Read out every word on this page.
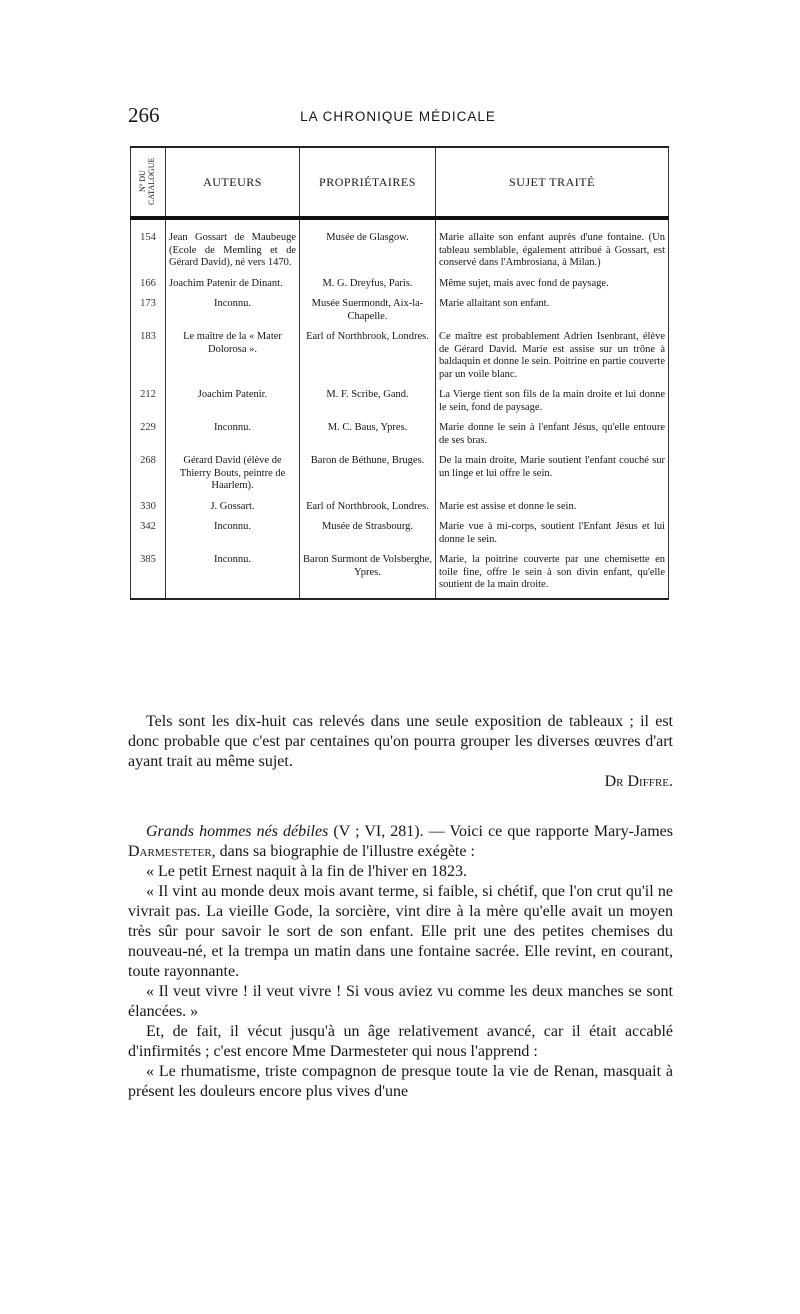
266	LA CHRONIQUE MÉDICALE
Nº DU CATALOGUE	AUTEURS	PROPRIÉTAIRES	SUJET TRAITÉ
154	Jean Gossart de Maubeuge (Ecole de Memling et de Gérard David), né vers 1470.	Musée de Glasgow.	Marie allaite son enfant auprès d'une fontaine. (Un tableau semblable, également attribué à Gossart, est conservé dans l'Ambrosiana, à Milan.)
166	Joachim Patenir de Dinant.	M. G. Dreyfus, Paris.	Même sujet, mais avec fond de paysage.
173	Inconnu.	Musée Suermondt, Aix-la-Chapelle.	Marie allaitant son enfant.
183	Le maître de la « Mater Dolorosa ».	Earl of Northbrook, Londres.	Ce maître est probablement Adrien Isenbrant, élève de Gérard David. Marie est assise sur un trône à baldaquin et donne le sein. Poitrine en partie couverte par un voile blanc.
212	Joachim Patenir.	M. F. Scribe, Gand.	La Vierge tient son fils de la main droite et lui donne le sein, fond de paysage.
229	Inconnu.	M. C. Baus, Ypres.	Marie donne le sein à l'enfant Jésus, qu'elle entoure de ses bras.
268	Gérard David (élève de Thierry Bouts, peintre de Haarlem).	Baron de Béthune, Bruges.	De la main droite, Marie soutient l'enfant couché sur un linge et lui offre le sein.
330	J. Gossart.	Earl of Northbrook, Londres.	Marie est assise et donne le sein.
342	Inconnu.	Musée de Strasbourg.	Marie vue à mi-corps, soutient l'Enfant Jésus et lui donne le sein.
385	Inconnu.	Baron Surmont de Volsberghe, Ypres.	Marie, la poitrine couverte par une chemisette en toile fine, offre le sein à son divin enfant, qu'elle soutient de la main droite.

Tels sont les dix-huit cas relevés dans une seule exposition de tableaux ; il est donc probable que c'est par centaines qu'on pourra grouper les diverses œuvres d'art ayant trait au même sujet.

Dr Diffre.

Grands hommes nés débiles (V ; VI, 281). — Voici ce que rapporte Mary-James Darmesteter, dans sa biographie de l'illustre exégète :

« Le petit Ernest naquit à la fin de l'hiver en 1823.

« Il vint au monde deux mois avant terme, si faible, si chétif, que l'on crut qu'il ne vivrait pas. La vieille Gode, la sorcière, vint dire à la mère qu'elle avait un moyen très sûr pour savoir le sort de son enfant. Elle prit une des petites chemises du nouveau-né, et la trempa un matin dans une fontaine sacrée. Elle revint, en courant, toute rayonnante.

« Il veut vivre ! il veut vivre ! Si vous aviez vu comme les deux manches se sont élancées. »

Et, de fait, il vécut jusqu'à un âge relativement avancé, car il était accablé d'infirmités ; c'est encore Mme Darmesteter qui nous l'apprend :

« Le rhumatisme, triste compagnon de presque toute la vie de Renan, masquait à présent les douleurs encore plus vives d'une
